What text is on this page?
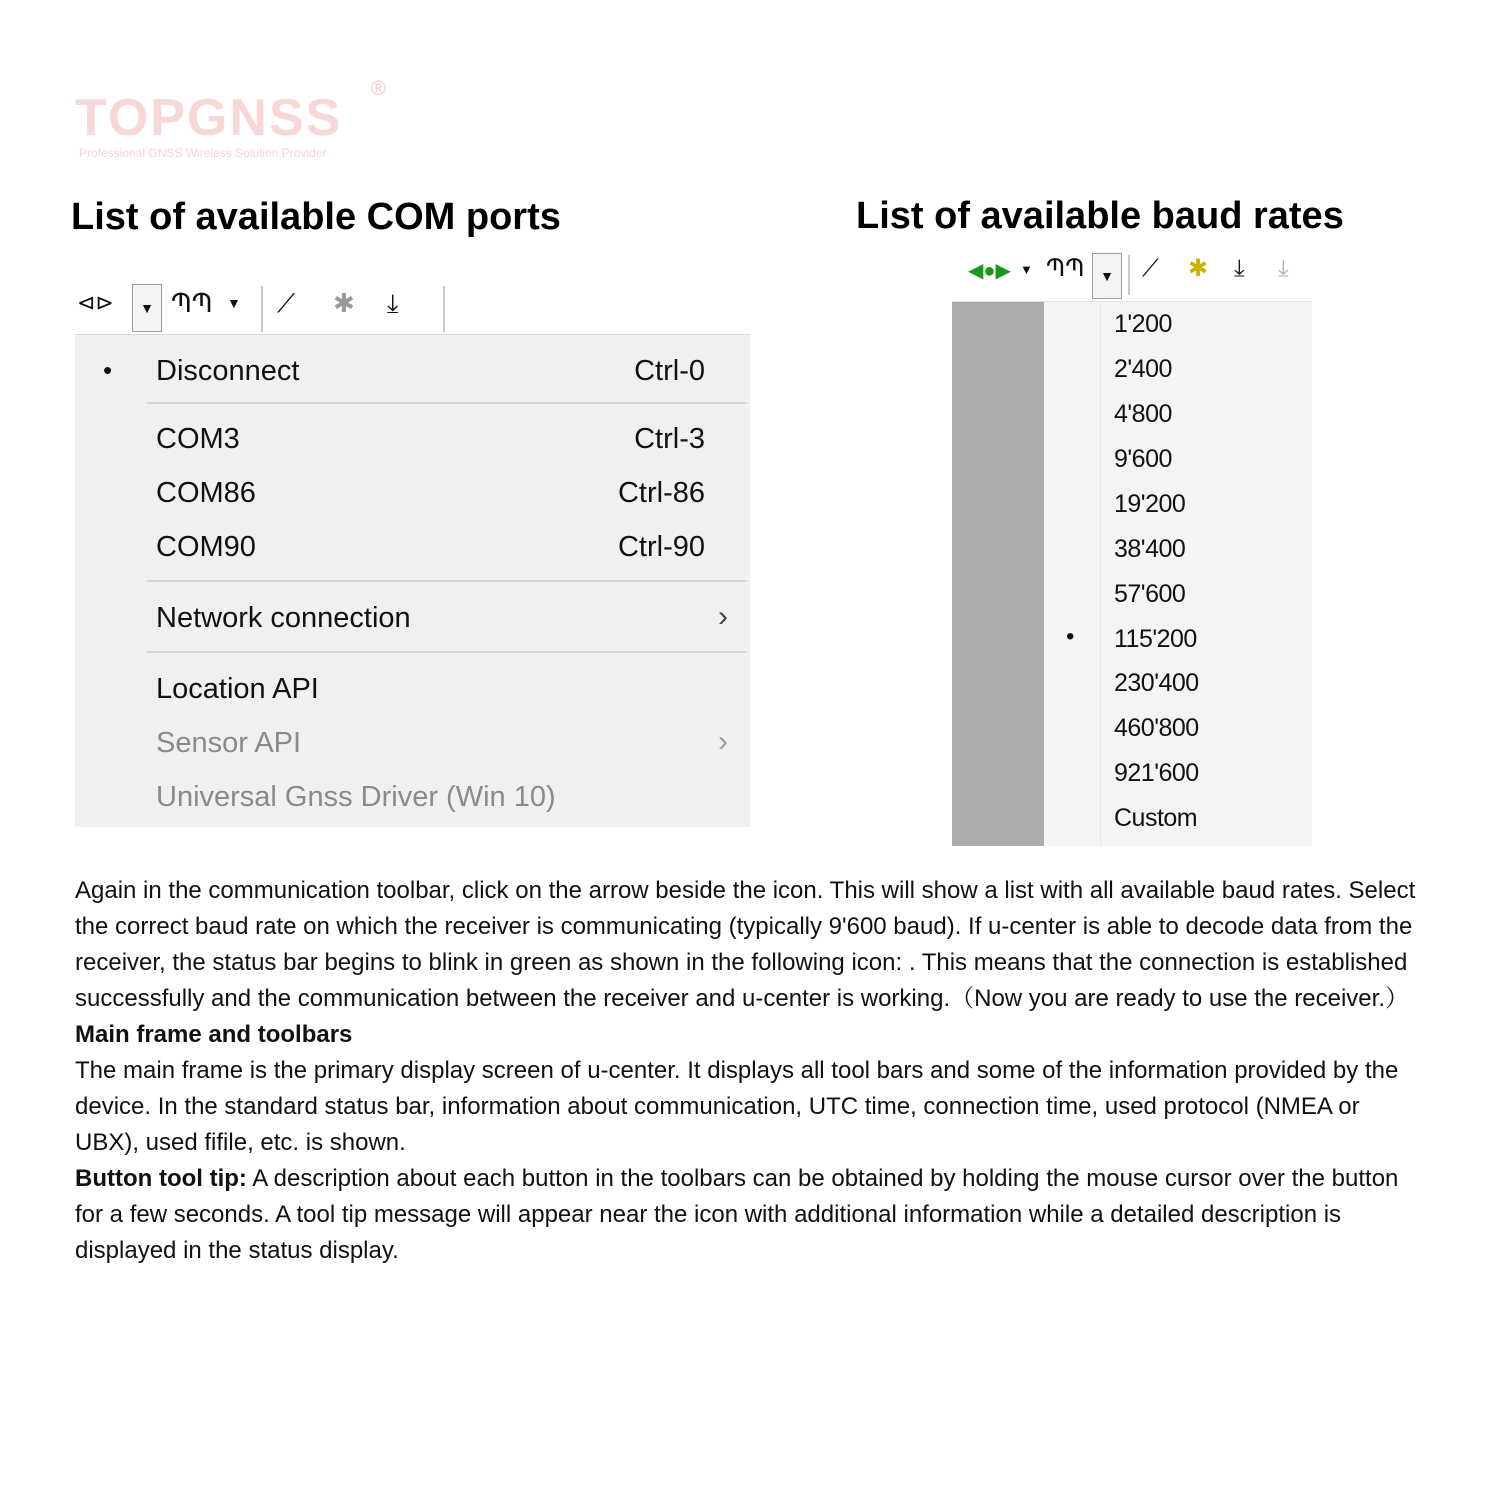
TOPGNSS ®
Professional GNSS Wireless Solution Provider
List of available COM ports	List of available baud rates
⊲⊳	▼ ՊՊ ▼ ⟋ ✱ ⤓
• Disconnect	Ctrl-0
COM3	Ctrl-3
COM86	Ctrl-86
COM90	Ctrl-90
Network connection	›
Location API
Sensor API	›
Universal Gnss Driver (Win 10)
◀●▶ ▼ ՊՊ	▼	⟋ ✱ ⤓ ⤓
1'200
2'400
4'800
9'600
19'200
38'400
57'600
• 115'200
230'400
460'800
921'600
Custom

Again in the communication toolbar, click on the arrow beside the icon. This will show a list with all available baud rates. Select the correct baud rate on which the receiver is communicating (typically 9'600 baud). If u-center is able to decode data from the receiver, the status bar begins to blink in green as shown in the following icon: . This means that the connection is established successfully and the communication between the receiver and u-center is working.（Now you are ready to use the receiver.）

Main frame and toolbars

The main frame is the primary display screen of u-center. It displays all tool bars and some of the information provided by the device. In the standard status bar, information about communication, UTC time, connection time, used protocol (NMEA or UBX), used fifile, etc. is shown.

Button tool tip: A description about each button in the toolbars can be obtained by holding the mouse cursor over the button for a few seconds. A tool tip message will appear near the icon with additional information while a detailed description is displayed in the status display.
